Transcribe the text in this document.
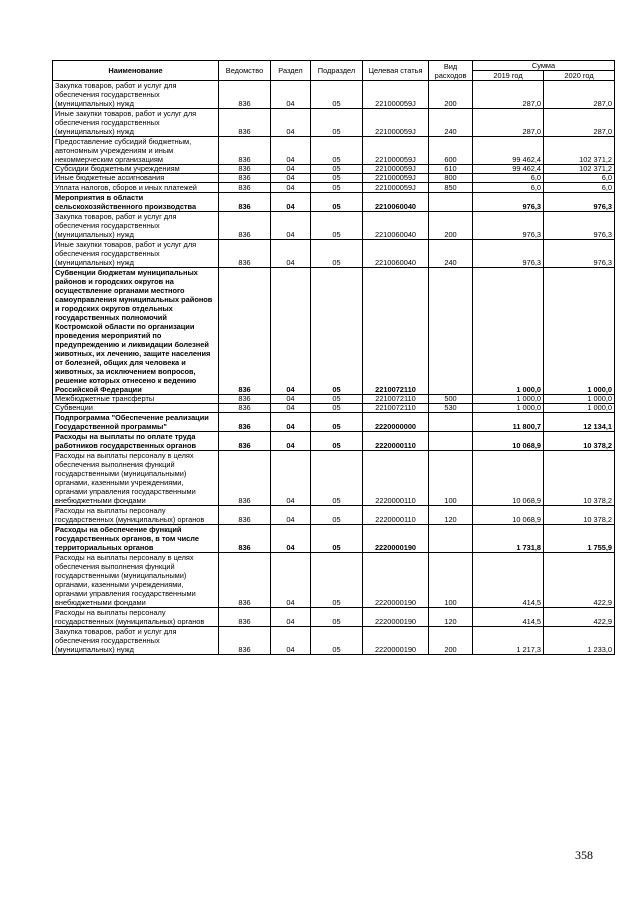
Наименование	Ведомство	Раздел	Подраздел	Целевая статья	Вид расходов	Сумма	
						2019 год	2020 год
Закупка товаров, работ и услуг для обеспечения государственных (муниципальных) нужд	836	04	05	221000059J	200	287,0	287,0
Иные закупки товаров, работ и услуг для обеспечения государственных (муниципальных) нужд	836	04	05	221000059J	240	287,0	287,0
Предоставление субсидий бюджетным, автономным учреждениям и иным некоммерческим организациям	836	04	05	221000059J	600	99 462,4	102 371,2
Субсидии бюджетным учреждениям	836	04	05	221000059J	610	99 462,4	102 371,2
Иные бюджетные ассигнования	836	04	05	221000059J	800	6,0	6,0
Уплата налогов, сборов и иных платежей	836	04	05	221000059J	850	6,0	6,0
Мероприятия в области сельскохозяйственного производства	836	04	05	2210060040		976,3	976,3
Закупка товаров, работ и услуг для обеспечения государственных (муниципальных) нужд	836	04	05	2210060040	200	976,3	976,3
Иные закупки товаров, работ и услуг для обеспечения государственных (муниципальных) нужд	836	04	05	2210060040	240	976,3	976,3
Субвенции бюджетам муниципальных районов и городских округов на осуществление органами местного самоуправления муниципальных районов и городских округов отдельных государственных полномочий Костромской области по организации проведения мероприятий по предупреждению и ликвидации болезней животных, их лечению, защите населения от болезней, общих для человека и животных, за исключением вопросов, решение которых отнесено к ведению Российской Федерации	836	04	05	2210072110		1 000,0	1 000,0
Межбюджетные трансферты	836	04	05	2210072110	500	1 000,0	1 000,0
Субвенции	836	04	05	2210072110	530	1 000,0	1 000,0
Подпрограмма "Обеспечение реализации Государственной программы"	836	04	05	2220000000		11 800,7	12 134,1
Расходы на выплаты по оплате труда работников государственных органов	836	04	05	2220000110		10 068,9	10 378,2
Расходы на выплаты персоналу в целях обеспечения выполнения функций государственными (муниципальными) органами, казенными учреждениями, органами управления государственными внебюджетными фондами	836	04	05	2220000110	100	10 068,9	10 378,2
Расходы на выплаты персоналу государственных (муниципальных) органов	836	04	05	2220000110	120	10 068,9	10 378,2
Расходы на обеспечение функций государственных органов, в том числе территориальных органов	836	04	05	2220000190		1 731,8	1 755,9
Расходы на выплаты персоналу в целях обеспечения выполнения функций государственными (муниципальными) органами, казенными учреждениями, органами управления государственными внебюджетными фондами	836	04	05	2220000190	100	414,5	422,9
Расходы на выплаты персоналу государственных (муниципальных) органов	836	04	05	2220000190	120	414,5	422,9
Закупка товаров, работ и услуг для обеспечения государственных (муниципальных) нужд	836	04	05	2220000190	200	1 217,3	1 233,0
358
